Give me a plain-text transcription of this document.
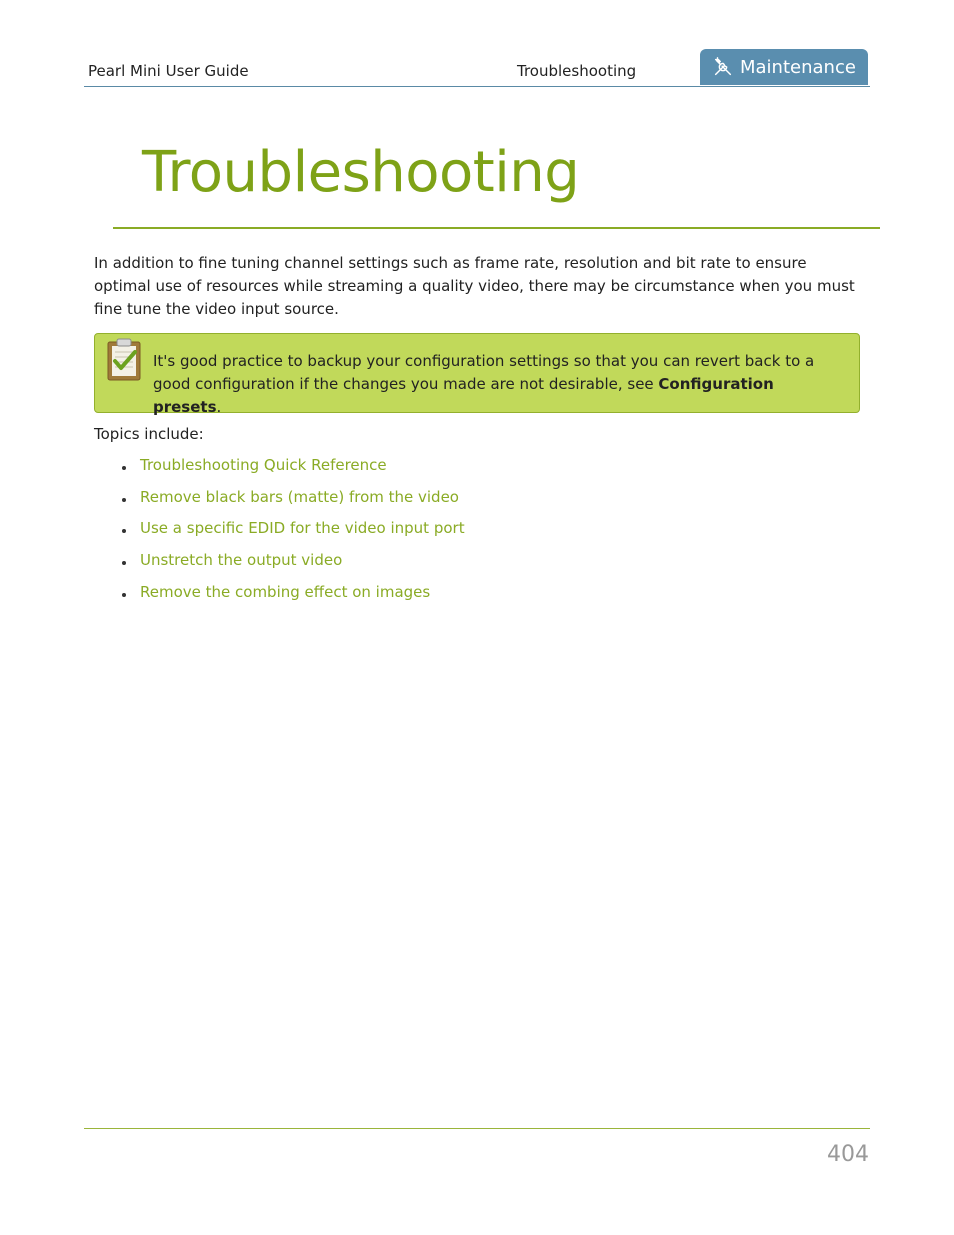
Pearl Mini User Guide	Troubleshooting	Maintenance
Troubleshooting

In addition to fine tuning channel settings such as frame rate, resolution and bit rate to ensure optimal use of resources while streaming a quality video, there may be circumstance when you must fine tune the video input source.

It's good practice to backup your configuration settings so that you can revert back to a good configuration if the changes you made are not desirable, see Configuration presets.

Topics include:

Troubleshooting Quick Reference
Remove black bars (matte) from the video
Use a specific EDID for the video input port
Unstretch the output video
Remove the combing effect on images
404
